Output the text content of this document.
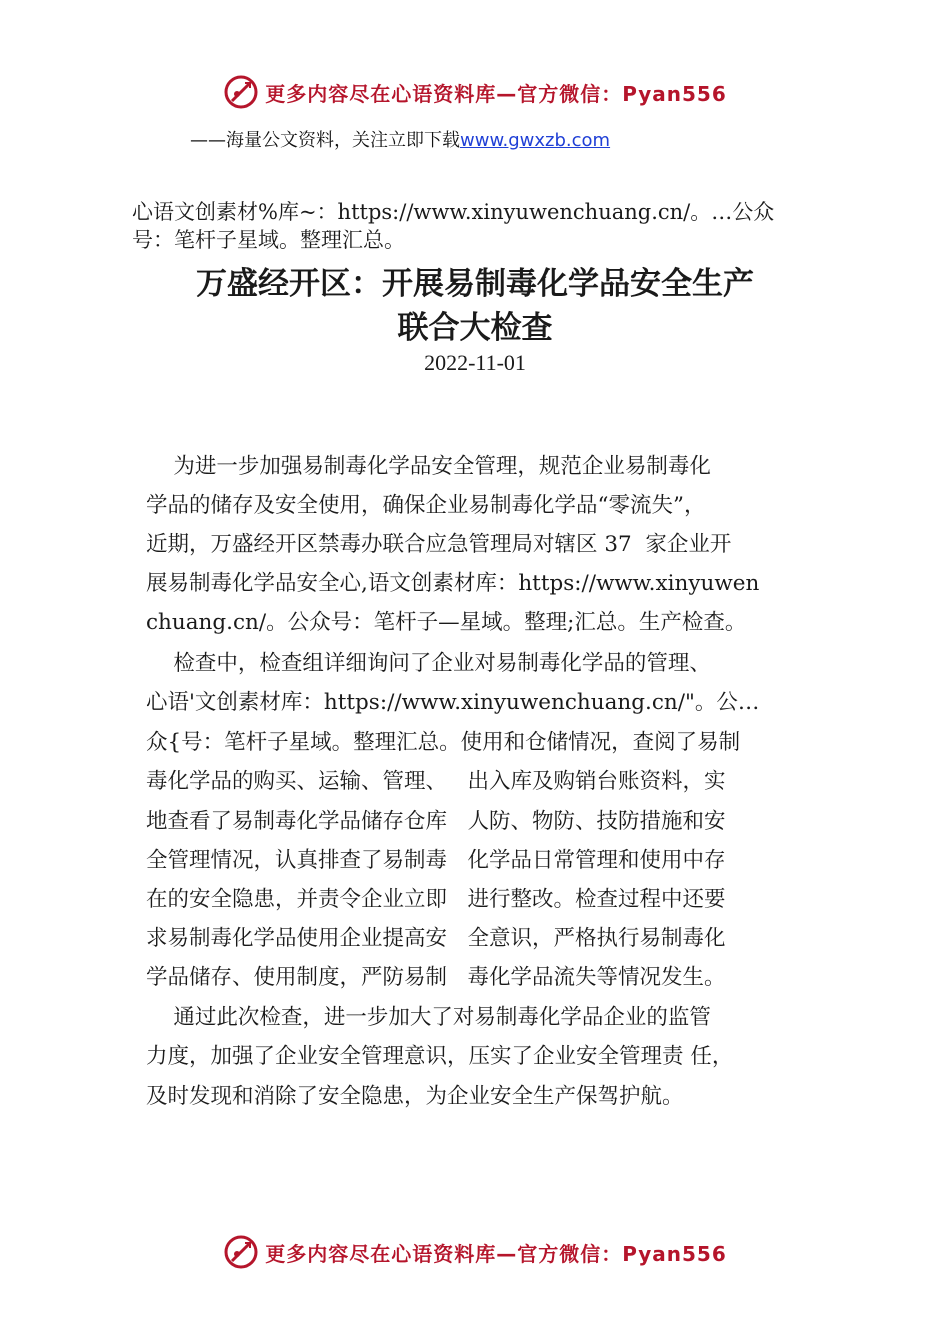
更多内容尽在心语资料库—官方微信：Pyan556
——海量公文资料，关注立即下载www.gwxzb.com
心语文创素材%库~：https://www.xinyuwenchuang.cn/。…公众
号：笔杆子星域。整理汇总。
万盛经开区：开展易制毒化学品安全生产
联合大检查
2022-11-01
为进一步加强易制毒化学品安全管理，规范企业易制毒化
学品的储存及安全使用，确保企业易制毒化学品“零流失”，
近期，万盛经开区禁毒办联合应急管理局对辖区 37  家企业开
展易制毒化学品安全心,语文创素材库：https://www.xinyuwen
chuang.cn/。公众号：笔杆子—星域。整理;汇总。生产检查。
检查中，检查组详细询问了企业对易制毒化学品的管理、
心语'文创素材库：https://www.xinyuwenchuang.cn/"。公…
众{号：笔杆子星域。整理汇总。使用和仓储情况，查阅了易制
毒化学品的购买、运输、管理、   出入库及购销台账资料，实
地查看了易制毒化学品储存仓库   人防、物防、技防措施和安
全管理情况，认真排查了易制毒   化学品日常管理和使用中存
在的安全隐患，并责令企业立即   进行整改。检查过程中还要
求易制毒化学品使用企业提高安   全意识，严格执行易制毒化
学品储存、使用制度，严防易制   毒化学品流失等情况发生。
通过此次检查，进一步加大了对易制毒化学品企业的监管
力度，加强了企业安全管理意识，压实了企业安全管理责 任，
及时发现和消除了安全隐患，为企业安全生产保驾护航。
更多内容尽在心语资料库—官方微信：Pyan556
